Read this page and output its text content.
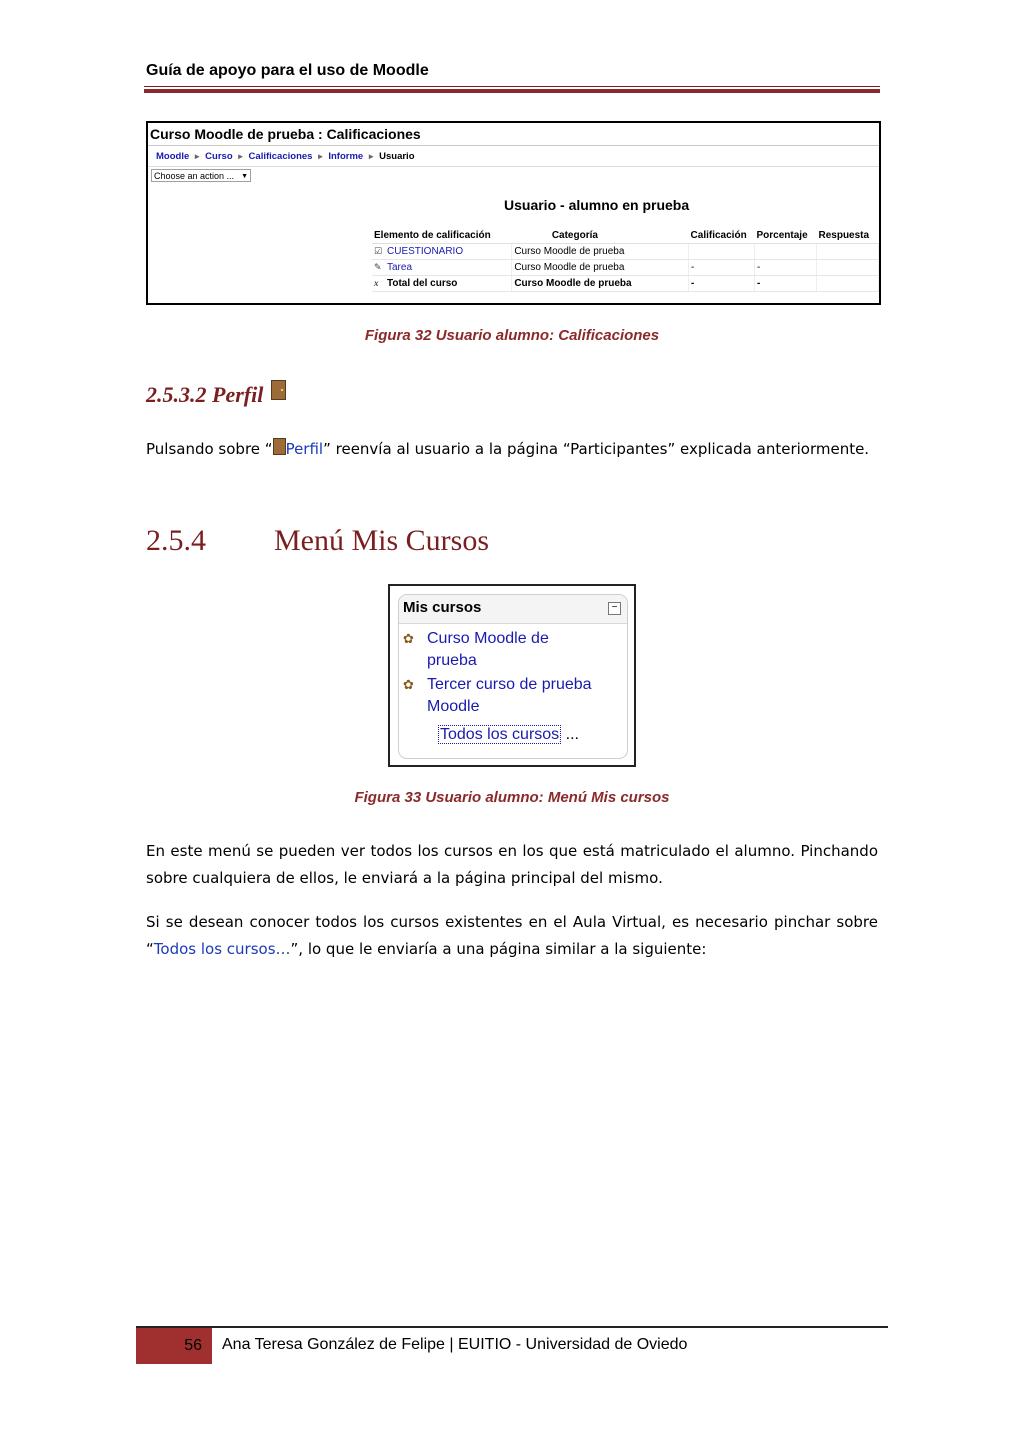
Guía de apoyo para el uso de Moodle
Curso Moodle de prueba : Calificaciones
Moodle ► Curso ► Calificaciones ► Informe ► Usuario
Choose an action ... ▼
Usuario - alumno en prueba
Elemento de calificación	Categoría	Calificación	Porcentaje	Respuesta
☑ CUESTIONARIO	Curso Moodle de prueba			
✎ Tarea	Curso Moodle de prueba	-	-	
x Total del curso	Curso Moodle de prueba	-	-	
Figura 32 Usuario alumno: Calificaciones
2.5.3.2 Perfil
Pulsando sobre “ Perfil” reenvía al usuario a la página “Participantes” explicada anteriormente.
2.5.4 Menú Mis Cursos
Mis cursos	−
✿ Curso Moodle de
prueba
✿ Tercer curso de prueba
Moodle
Todos los cursos ...
Figura 33 Usuario alumno: Menú Mis cursos
En este menú se pueden ver todos los cursos en los que está matriculado el alumno. Pinchando sobre cualquiera de ellos, le enviará a la página principal del mismo.
Si se desean conocer todos los cursos existentes en el Aula Virtual, es necesario pinchar sobre “Todos los cursos…”, lo que le enviaría a una página similar a la siguiente:
56	Ana Teresa González de Felipe | EUITIO - Universidad de Oviedo
